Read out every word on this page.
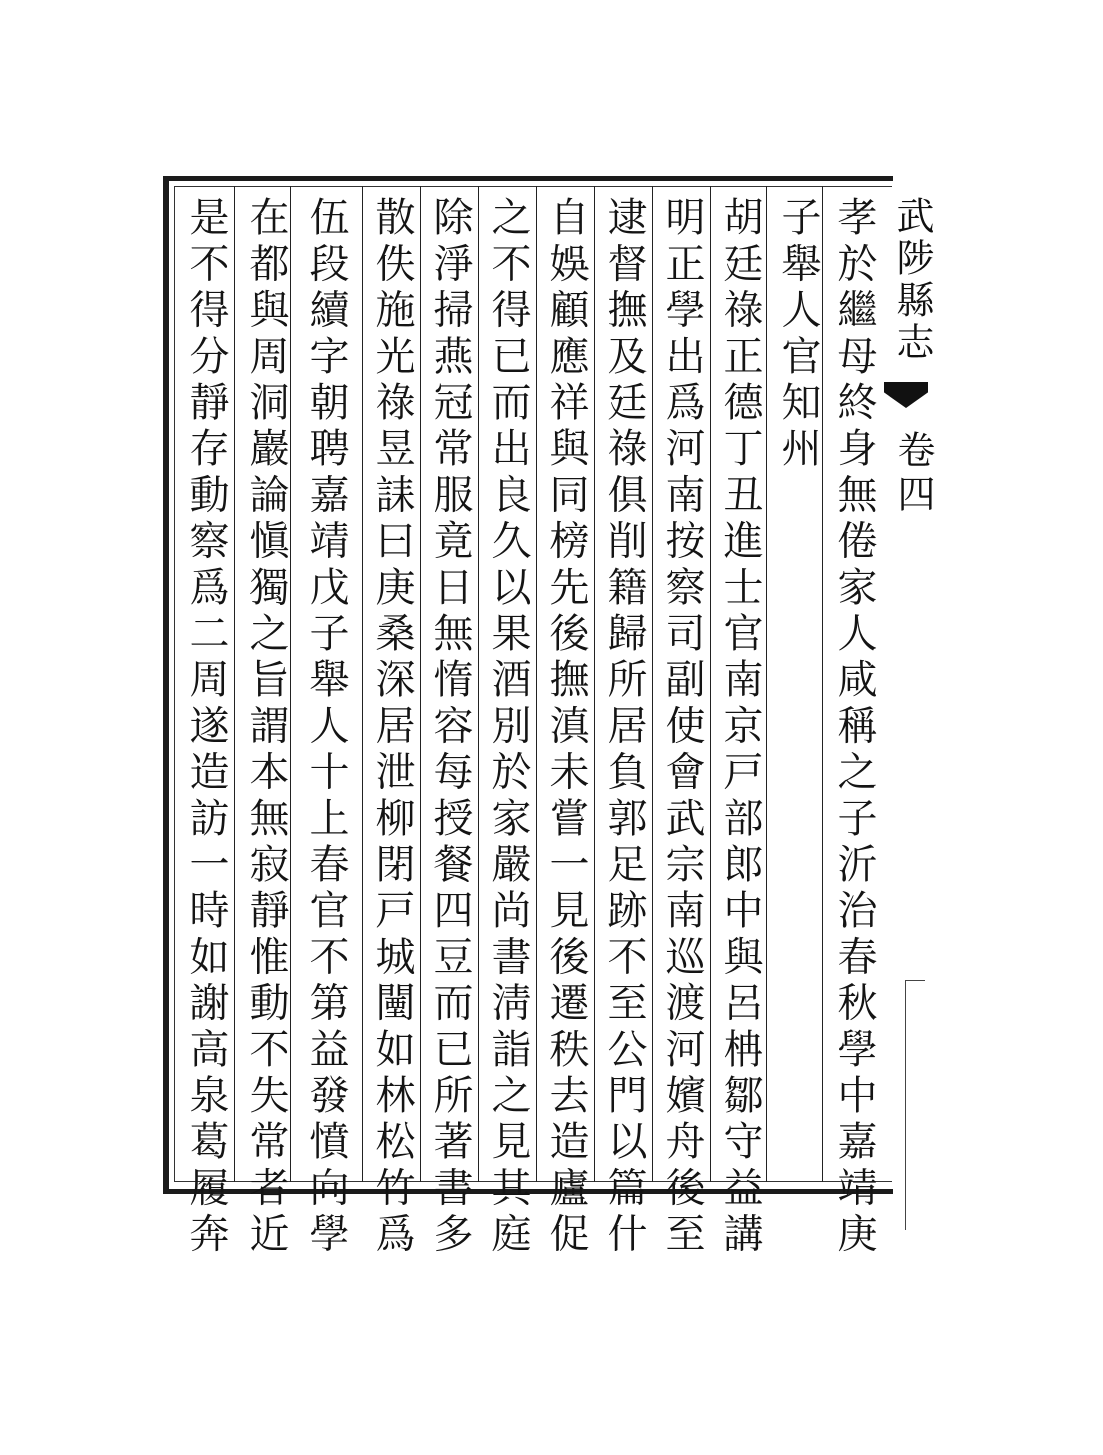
武陟縣志
卷四
孝於繼母終身無倦家人咸稱之子沂治春秋學中嘉靖庚
子舉人官知州
胡廷祿正德丁丑進士官南京戸部郎中與呂柟鄒守益講
明正學出爲河南按察司副使會武宗南巡渡河嬪舟後至
逮督撫及廷祿俱削籍歸所居負郭足跡不至公門以篇什
自娛顧應祥與同榜先後撫滇未嘗一見後遷秩去造廬促
之不得已而出良久以果酒別於家嚴尚書淸詣之見其庭
除淨掃燕冠常服竟日無惰容每授餐四豆而已所著書多
散佚施光祿昱誄曰庚桑深居泄柳閉戸城闉如林松竹爲
伍段續字朝聘嘉靖戊子舉人十上春官不第益發憤向學
在都與周洞巖論愼獨之旨謂本無寂靜惟動不失常者近
是不得分靜存動察爲二周遂造訪一時如謝高泉葛履奔
